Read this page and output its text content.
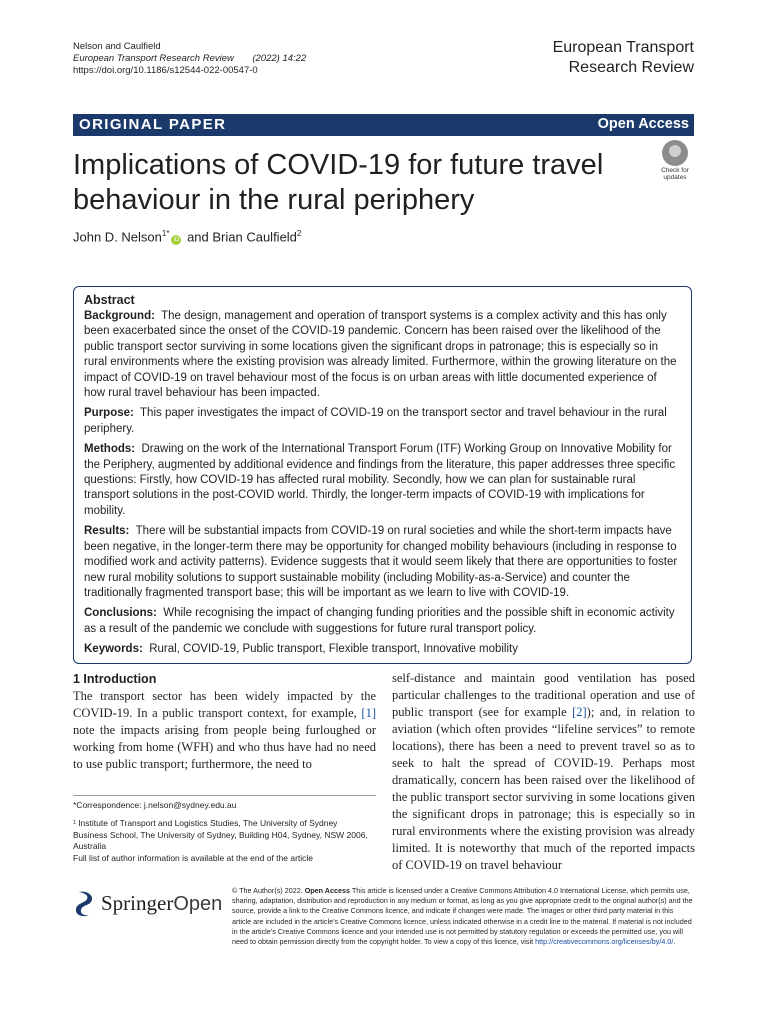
Nelson and Caulfield
European Transport Research Review (2022) 14:22
https://doi.org/10.1186/s12544-022-00547-0
European Transport
Research Review
ORIGINAL PAPER	Open Access
Implications of COVID-19 for future travel behaviour in the rural periphery
Check for
updates
John D. Nelson$^{1*}$iD and Brian Caulfield$^2$
Abstract

Background: The design, management and operation of transport systems is a complex activity and this has only been exacerbated since the onset of the COVID-19 pandemic. Concern has been raised over the likelihood of the public transport sector surviving in some locations given the significant drops in patronage; this is especially so in rural environments where the existing provision was already limited. Furthermore, within the growing literature on the impact of COVID-19 on travel behaviour most of the focus is on urban areas with little documented experience of how rural travel behaviour has been impacted.

Purpose: This paper investigates the impact of COVID-19 on the transport sector and travel behaviour in the rural periphery.

Methods: Drawing on the work of the International Transport Forum (ITF) Working Group on Innovative Mobility for the Periphery, augmented by additional evidence and findings from the literature, this paper addresses three specific questions: Firstly, how COVID-19 has affected rural mobility. Secondly, how we can plan for sustainable rural transport solutions in the post-COVID world. Thirdly, the longer-term impacts of COVID-19 with implications for mobility.

Results: There will be substantial impacts from COVID-19 on rural societies and while the short-term impacts have been negative, in the longer-term there may be opportunity for changed mobility behaviours (including in response to modified work and activity patterns). Evidence suggests that it would seem likely that there are opportunities to foster new rural mobility solutions to support sustainable mobility (including Mobility-as-a-Service) and counter the traditionally fragmented transport base; this will be important as we learn to live with COVID-19.

Conclusions: While recognising the impact of changing funding priorities and the possible shift in economic activity as a result of the pandemic we conclude with suggestions for future rural transport policy.

Keywords: Rural, COVID-19, Public transport, Flexible transport, Innovative mobility

1 Introduction
The transport sector has been widely impacted by the COVID-19. In a public transport context, for example, [1] note the impacts arising from people being furloughed or working from home (WFH) and who thus have had no need to use public transport; furthermore, the need to
self-distance and maintain good ventilation has posed particular challenges to the traditional operation and use of public transport (see for example [2]); and, in relation to aviation (which often provides “lifeline services” to remote locations), there has been a need to prevent travel so as to seek to halt the spread of COVID-19. Perhaps most dramatically, concern has been raised over the likelihood of the public transport sector surviving in some locations given the significant drops in patronage; this is especially so in rural environments where the existing provision was already limited. It is noteworthy that much of the reported impacts of COVID-19 on travel behaviour
*Correspondence: j.nelson@sydney.edu.au
¹ Institute of Transport and Logistics Studies, The University of Sydney Business School, The University of Sydney, Building H04, Sydney, NSW 2006, Australia
Full list of author information is available at the end of the article
SpringerOpen
© The Author(s) 2022. Open Access This article is licensed under a Creative Commons Attribution 4.0 International License, which permits use, sharing, adaptation, distribution and reproduction in any medium or format, as long as you give appropriate credit to the original author(s) and the source, provide a link to the Creative Commons licence, and indicate if changes were made. The images or other third party material in this article are included in the article’s Creative Commons licence, unless indicated otherwise in a credit line to the material. If material is not included in the article’s Creative Commons licence and your intended use is not permitted by statutory regulation or exceeds the permitted use, you will need to obtain permission directly from the copyright holder. To view a copy of this licence, visit http://creativecommons.org/licenses/by/4.0/.
